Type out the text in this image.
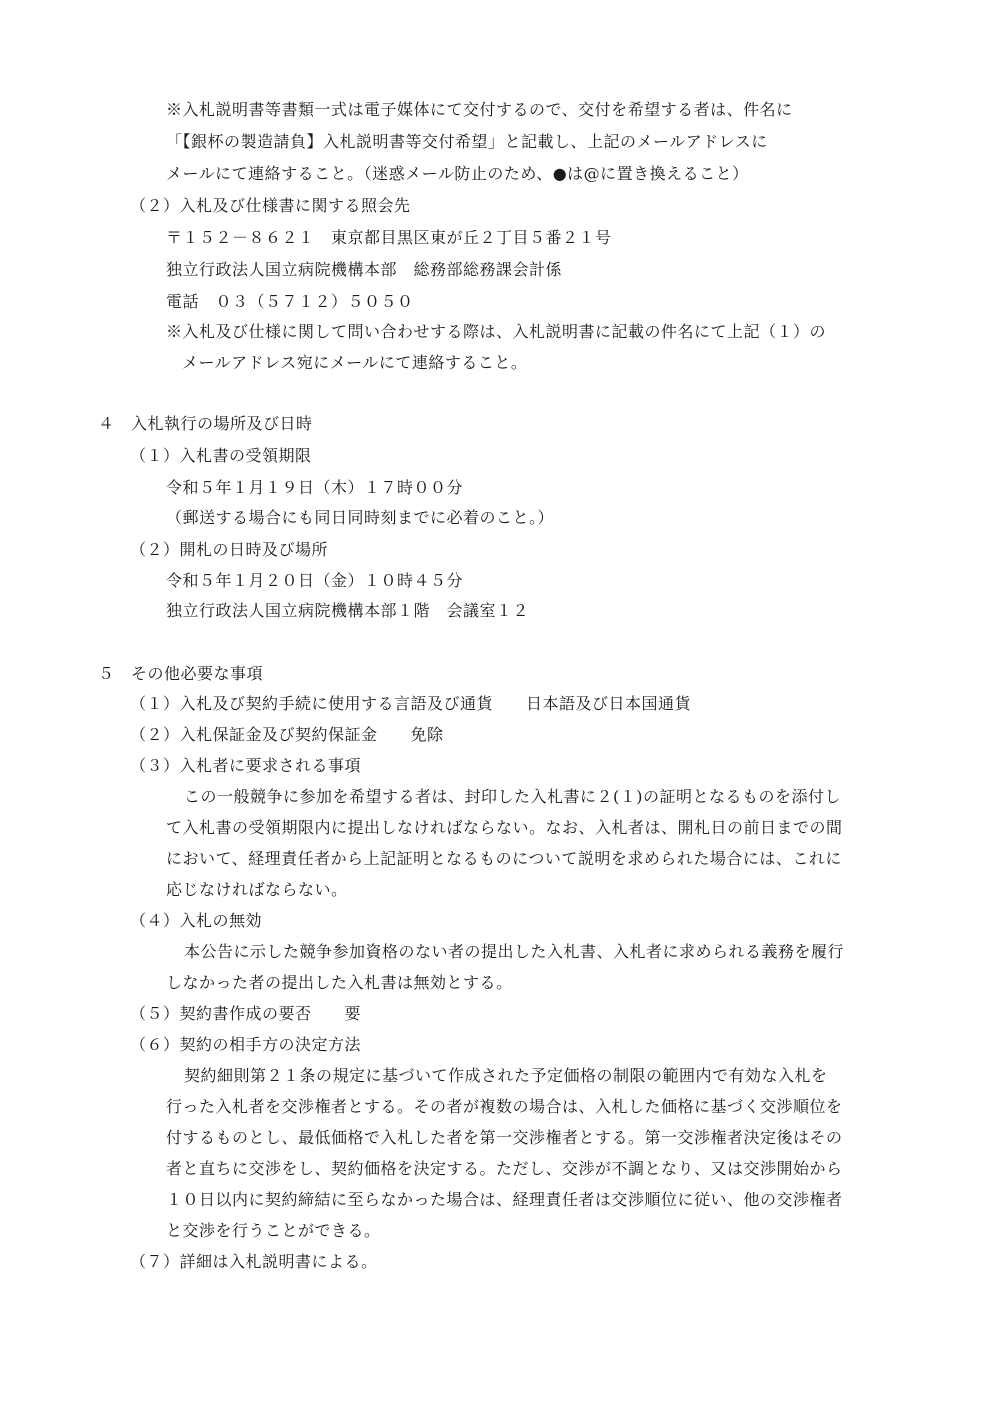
※入札説明書等書類一式は電子媒体にて交付するので、交付を希望する者は、件名に

「【銀杯の製造請負】入札説明書等交付希望」と記載し、上記のメールアドレスに

メールにて連絡すること。（迷惑メール防止のため、●は@に置き換えること）

（２）入札及び仕様書に関する照会先

〒１５２－８６２１　東京都目黒区東が丘２丁目５番２１号

独立行政法人国立病院機構本部　総務部総務課会計係

電話　０３（５７１２）５０５０

※入札及び仕様に関して問い合わせする際は、入札説明書に記載の件名にて上記（１）の

メールアドレス宛にメールにて連絡すること。

４　入札執行の場所及び日時

（１）入札書の受領期限

令和５年１月１９日（木）１７時００分

（郵送する場合にも同日同時刻までに必着のこと。）

（２）開札の日時及び場所

令和５年１月２０日（金）１０時４５分

独立行政法人国立病院機構本部１階　会議室１２

５　その他必要な事項

（１）入札及び契約手続に使用する言語及び通貨　　日本語及び日本国通貨

（２）入札保証金及び契約保証金　　免除

（３）入札者に要求される事項

この一般競争に参加を希望する者は、封印した入札書に２(１)の証明となるものを添付し

て入札書の受領期限内に提出しなければならない。なお、入札者は、開札日の前日までの間

において、経理責任者から上記証明となるものについて説明を求められた場合には、これに

応じなければならない。

（４）入札の無効

本公告に示した競争参加資格のない者の提出した入札書、入札者に求められる義務を履行

しなかった者の提出した入札書は無効とする。

（５）契約書作成の要否　　要

（６）契約の相手方の決定方法

契約細則第２１条の規定に基づいて作成された予定価格の制限の範囲内で有効な入札を

行った入札者を交渉権者とする。その者が複数の場合は、入札した価格に基づく交渉順位を

付するものとし、最低価格で入札した者を第一交渉権者とする。第一交渉権者決定後はその

者と直ちに交渉をし、契約価格を決定する。ただし、交渉が不調となり、又は交渉開始から

１０日以内に契約締結に至らなかった場合は、経理責任者は交渉順位に従い、他の交渉権者

と交渉を行うことができる。

（７）詳細は入札説明書による。
